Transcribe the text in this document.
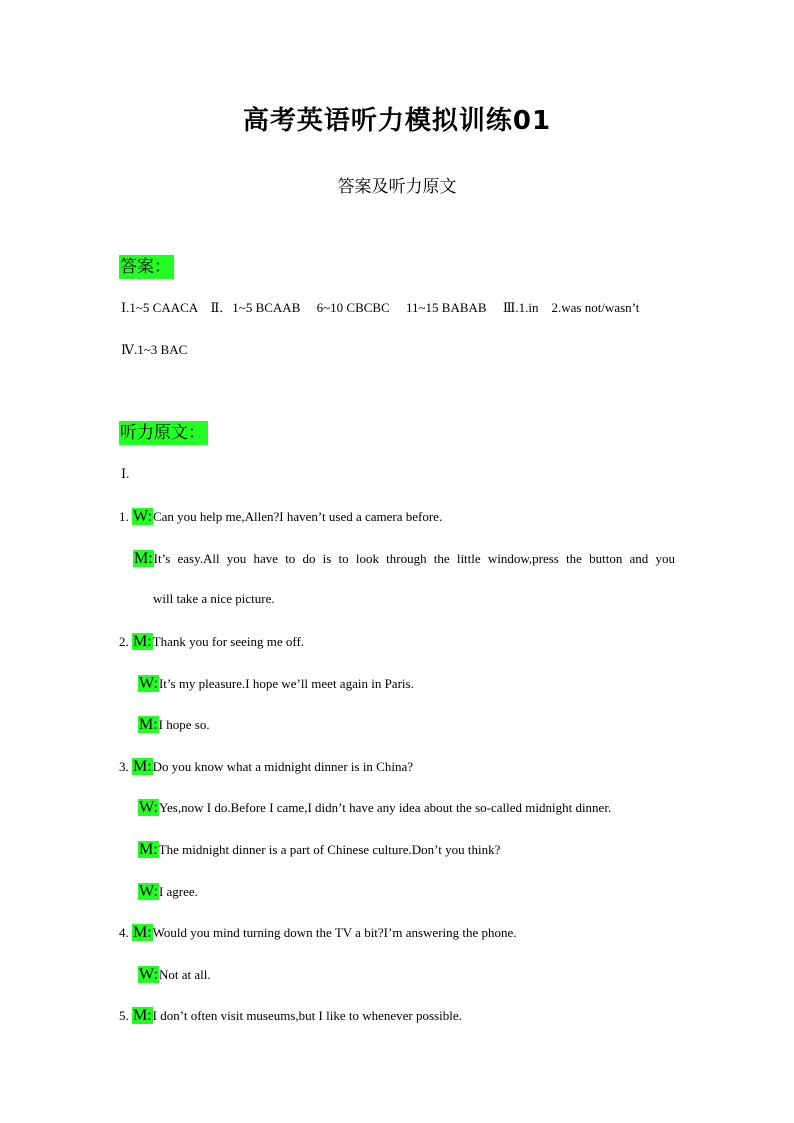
高考英语听力模拟训练01
答案及听力原文
答案：
Ⅰ.1~5 CAACA    Ⅱ．1~5 BCAAB     6~10 CBCBC     11~15 BABAB     Ⅲ.1.in    2.was not/wasn’t
Ⅳ.1~3 BAC
听力原文：
Ⅰ.
1. W:Can you help me,Allen?I haven’t used a camera before.
M:It’s easy.All you have to do is to look through the little window,press the button and you
will take a nice picture.
2. M:Thank you for seeing me off.
W:It’s my pleasure.I hope we’ll meet again in Paris.
M:I hope so.
3. M:Do you know what a midnight dinner is in China?
W:Yes,now I do.Before I came,I didn’t have any idea about the so-called midnight dinner.
M:The midnight dinner is a part of Chinese culture.Don’t you think?
W:I agree.
4. M:Would you mind turning down the TV a bit?I’m answering the phone.
W:Not at all.
5. M:I don’t often visit museums,but I like to whenever possible.
